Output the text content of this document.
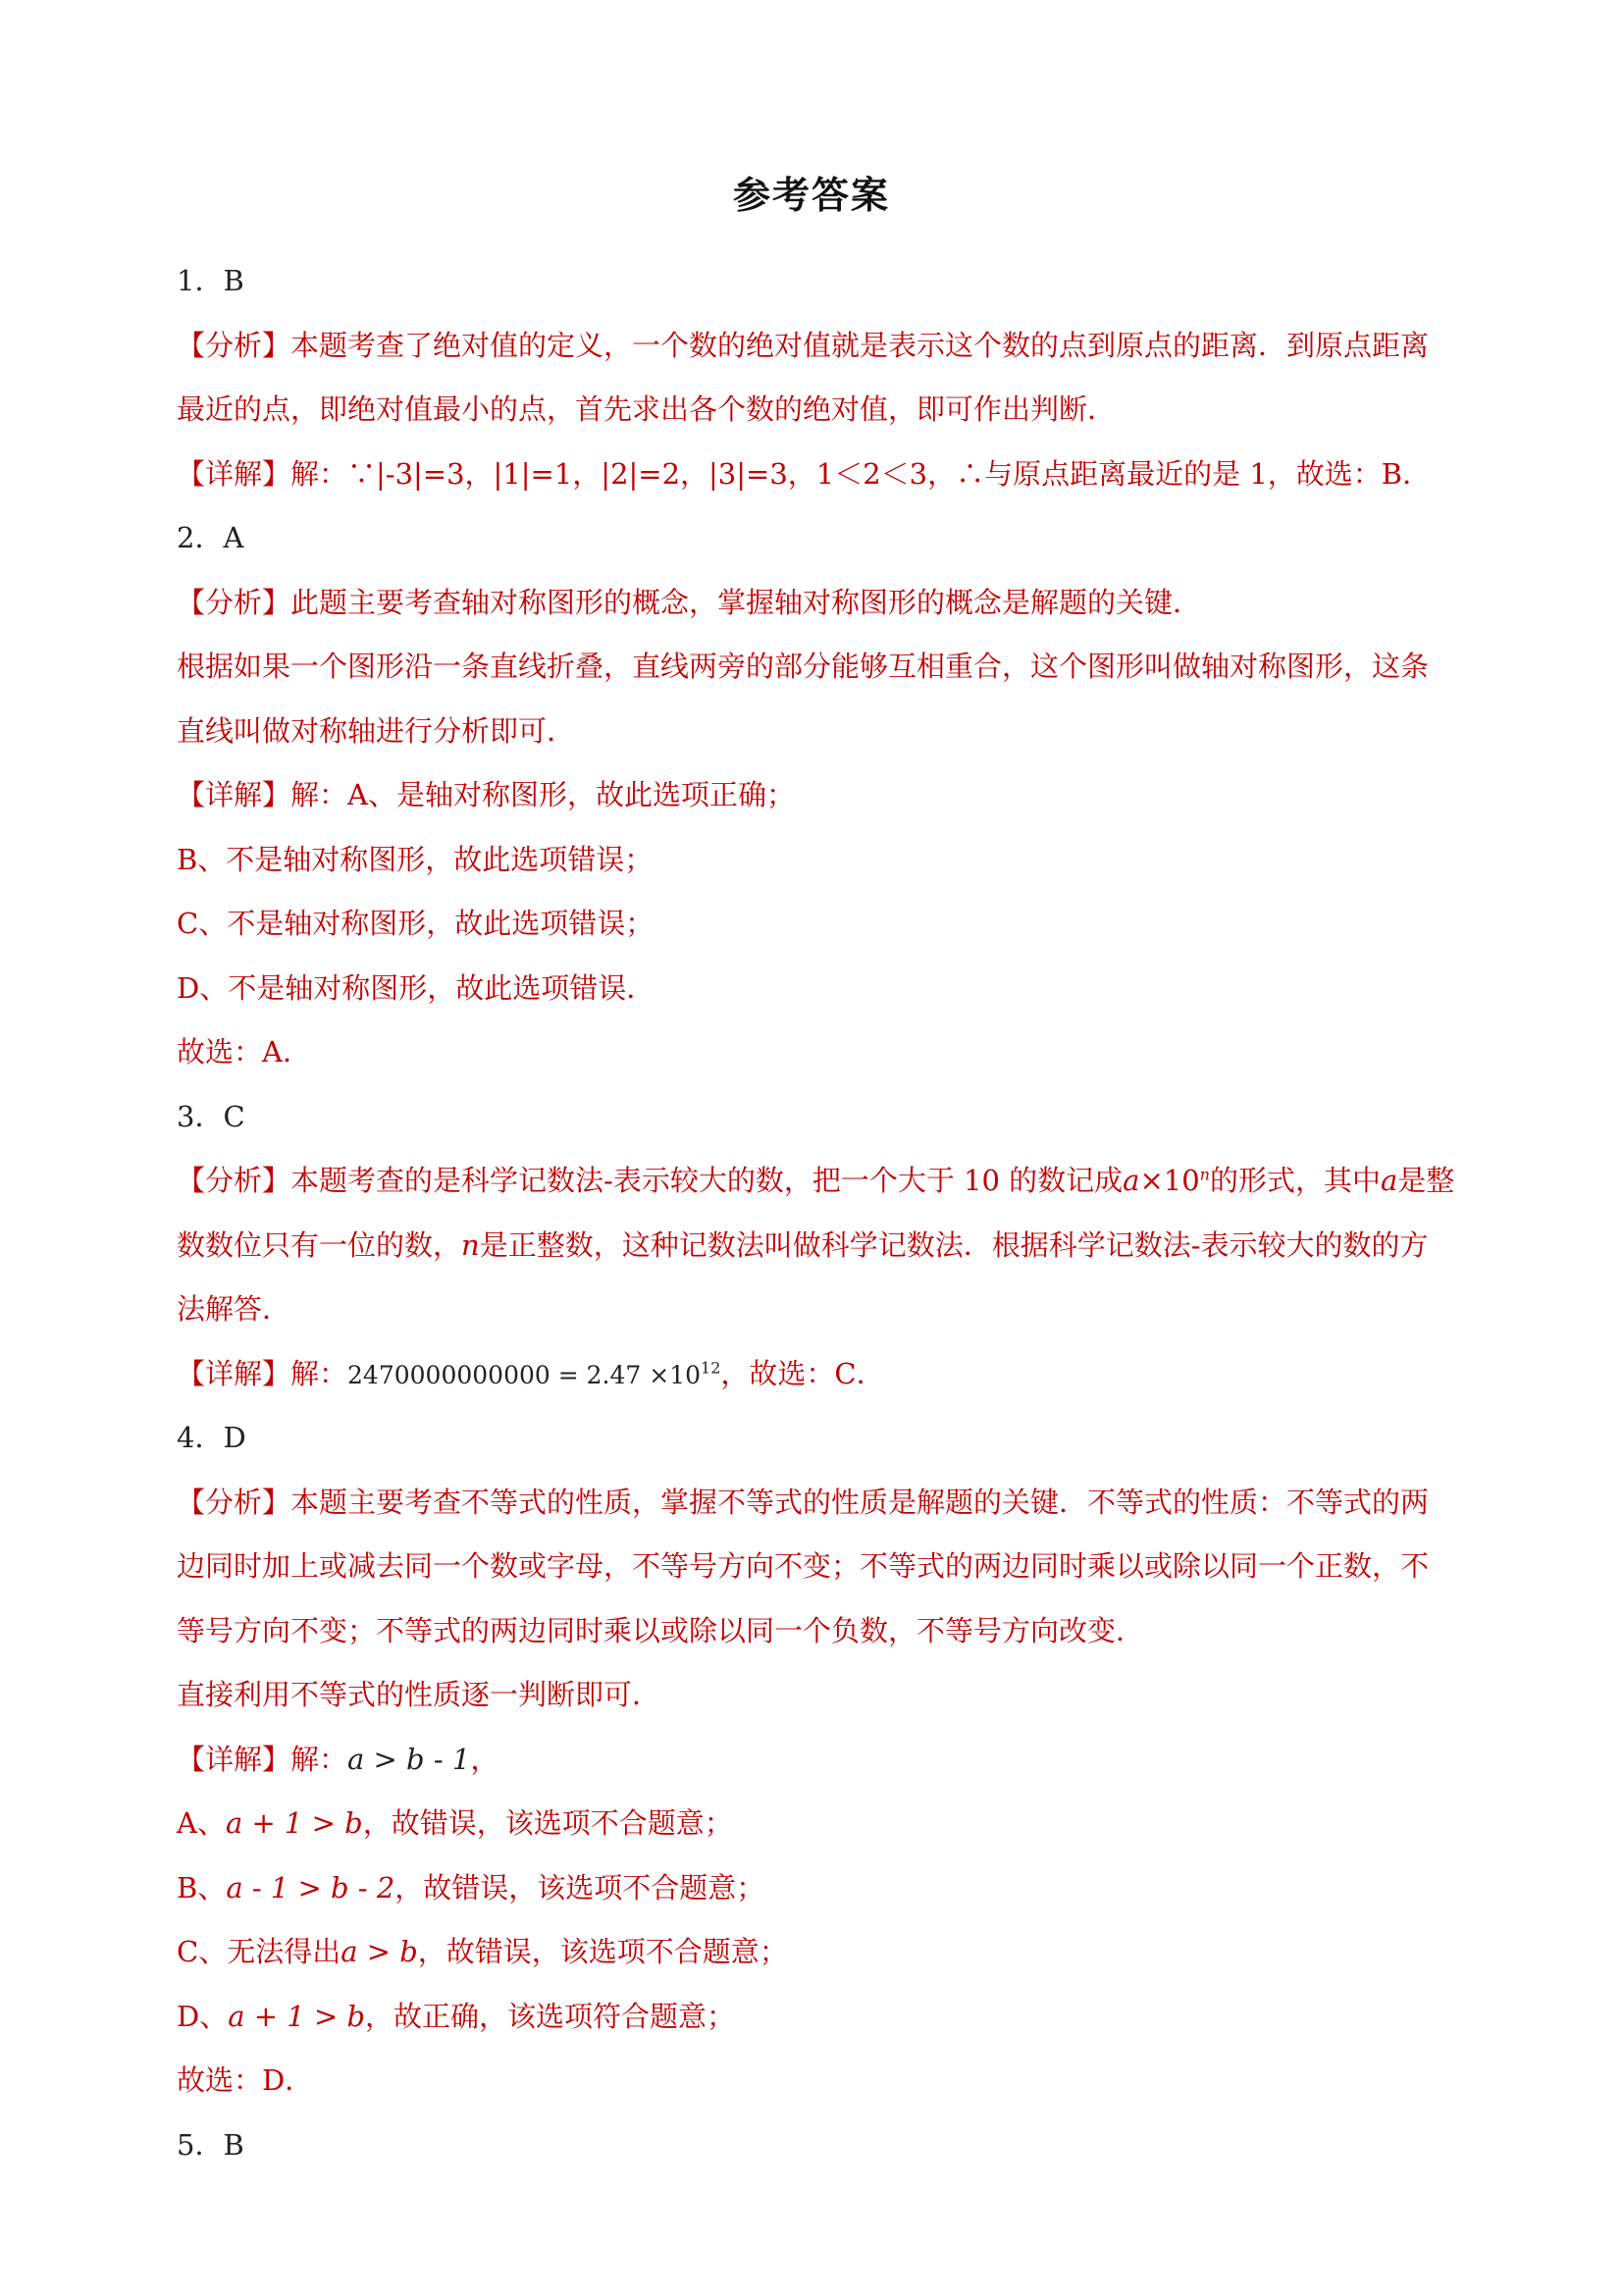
参考答案
1．B
【分析】本题考查了绝对值的定义，一个数的绝对值就是表示这个数的点到原点的距离．到原点距离
最近的点，即绝对值最小的点，首先求出各个数的绝对值，即可作出判断．
【详解】解：∵|-3|=3，|1|=1，|2|=2，|3|=3，1＜2＜3，∴与原点距离最近的是 1，故选：B．
2．A
【分析】此题主要考查轴对称图形的概念，掌握轴对称图形的概念是解题的关键．
根据如果一个图形沿一条直线折叠，直线两旁的部分能够互相重合，这个图形叫做轴对称图形，这条
直线叫做对称轴进行分析即可．
【详解】解：A、是轴对称图形，故此选项正确；
B、不是轴对称图形，故此选项错误；
C、不是轴对称图形，故此选项错误；
D、不是轴对称图形，故此选项错误．
故选：A．
3．C
【分析】本题考查的是科学记数法-表示较大的数，把一个大于 10 的数记成$a\times 10^n$的形式，其中a是整
数数位只有一位的数，n是正整数，这种记数法叫做科学记数法．根据科学记数法-表示较大的数的方
法解答．
【详解】解：$2470000000000 = 2.47 \times 10^{12}$，故选：C．
4．D
【分析】本题主要考查不等式的性质，掌握不等式的性质是解题的关键．不等式的性质：不等式的两
边同时加上或减去同一个数或字母，不等号方向不变；不等式的两边同时乘以或除以同一个正数，不
等号方向不变；不等式的两边同时乘以或除以同一个负数，不等号方向改变．
直接利用不等式的性质逐一判断即可．
【详解】解：a > b - 1，
A、a + 1 > b，故错误，该选项不合题意；
B、a - 1 > b - 2，故错误，该选项不合题意；
C、无法得出a > b，故错误，该选项不合题意；
D、a + 1 > b，故正确，该选项符合题意；
故选：D．
5．B
